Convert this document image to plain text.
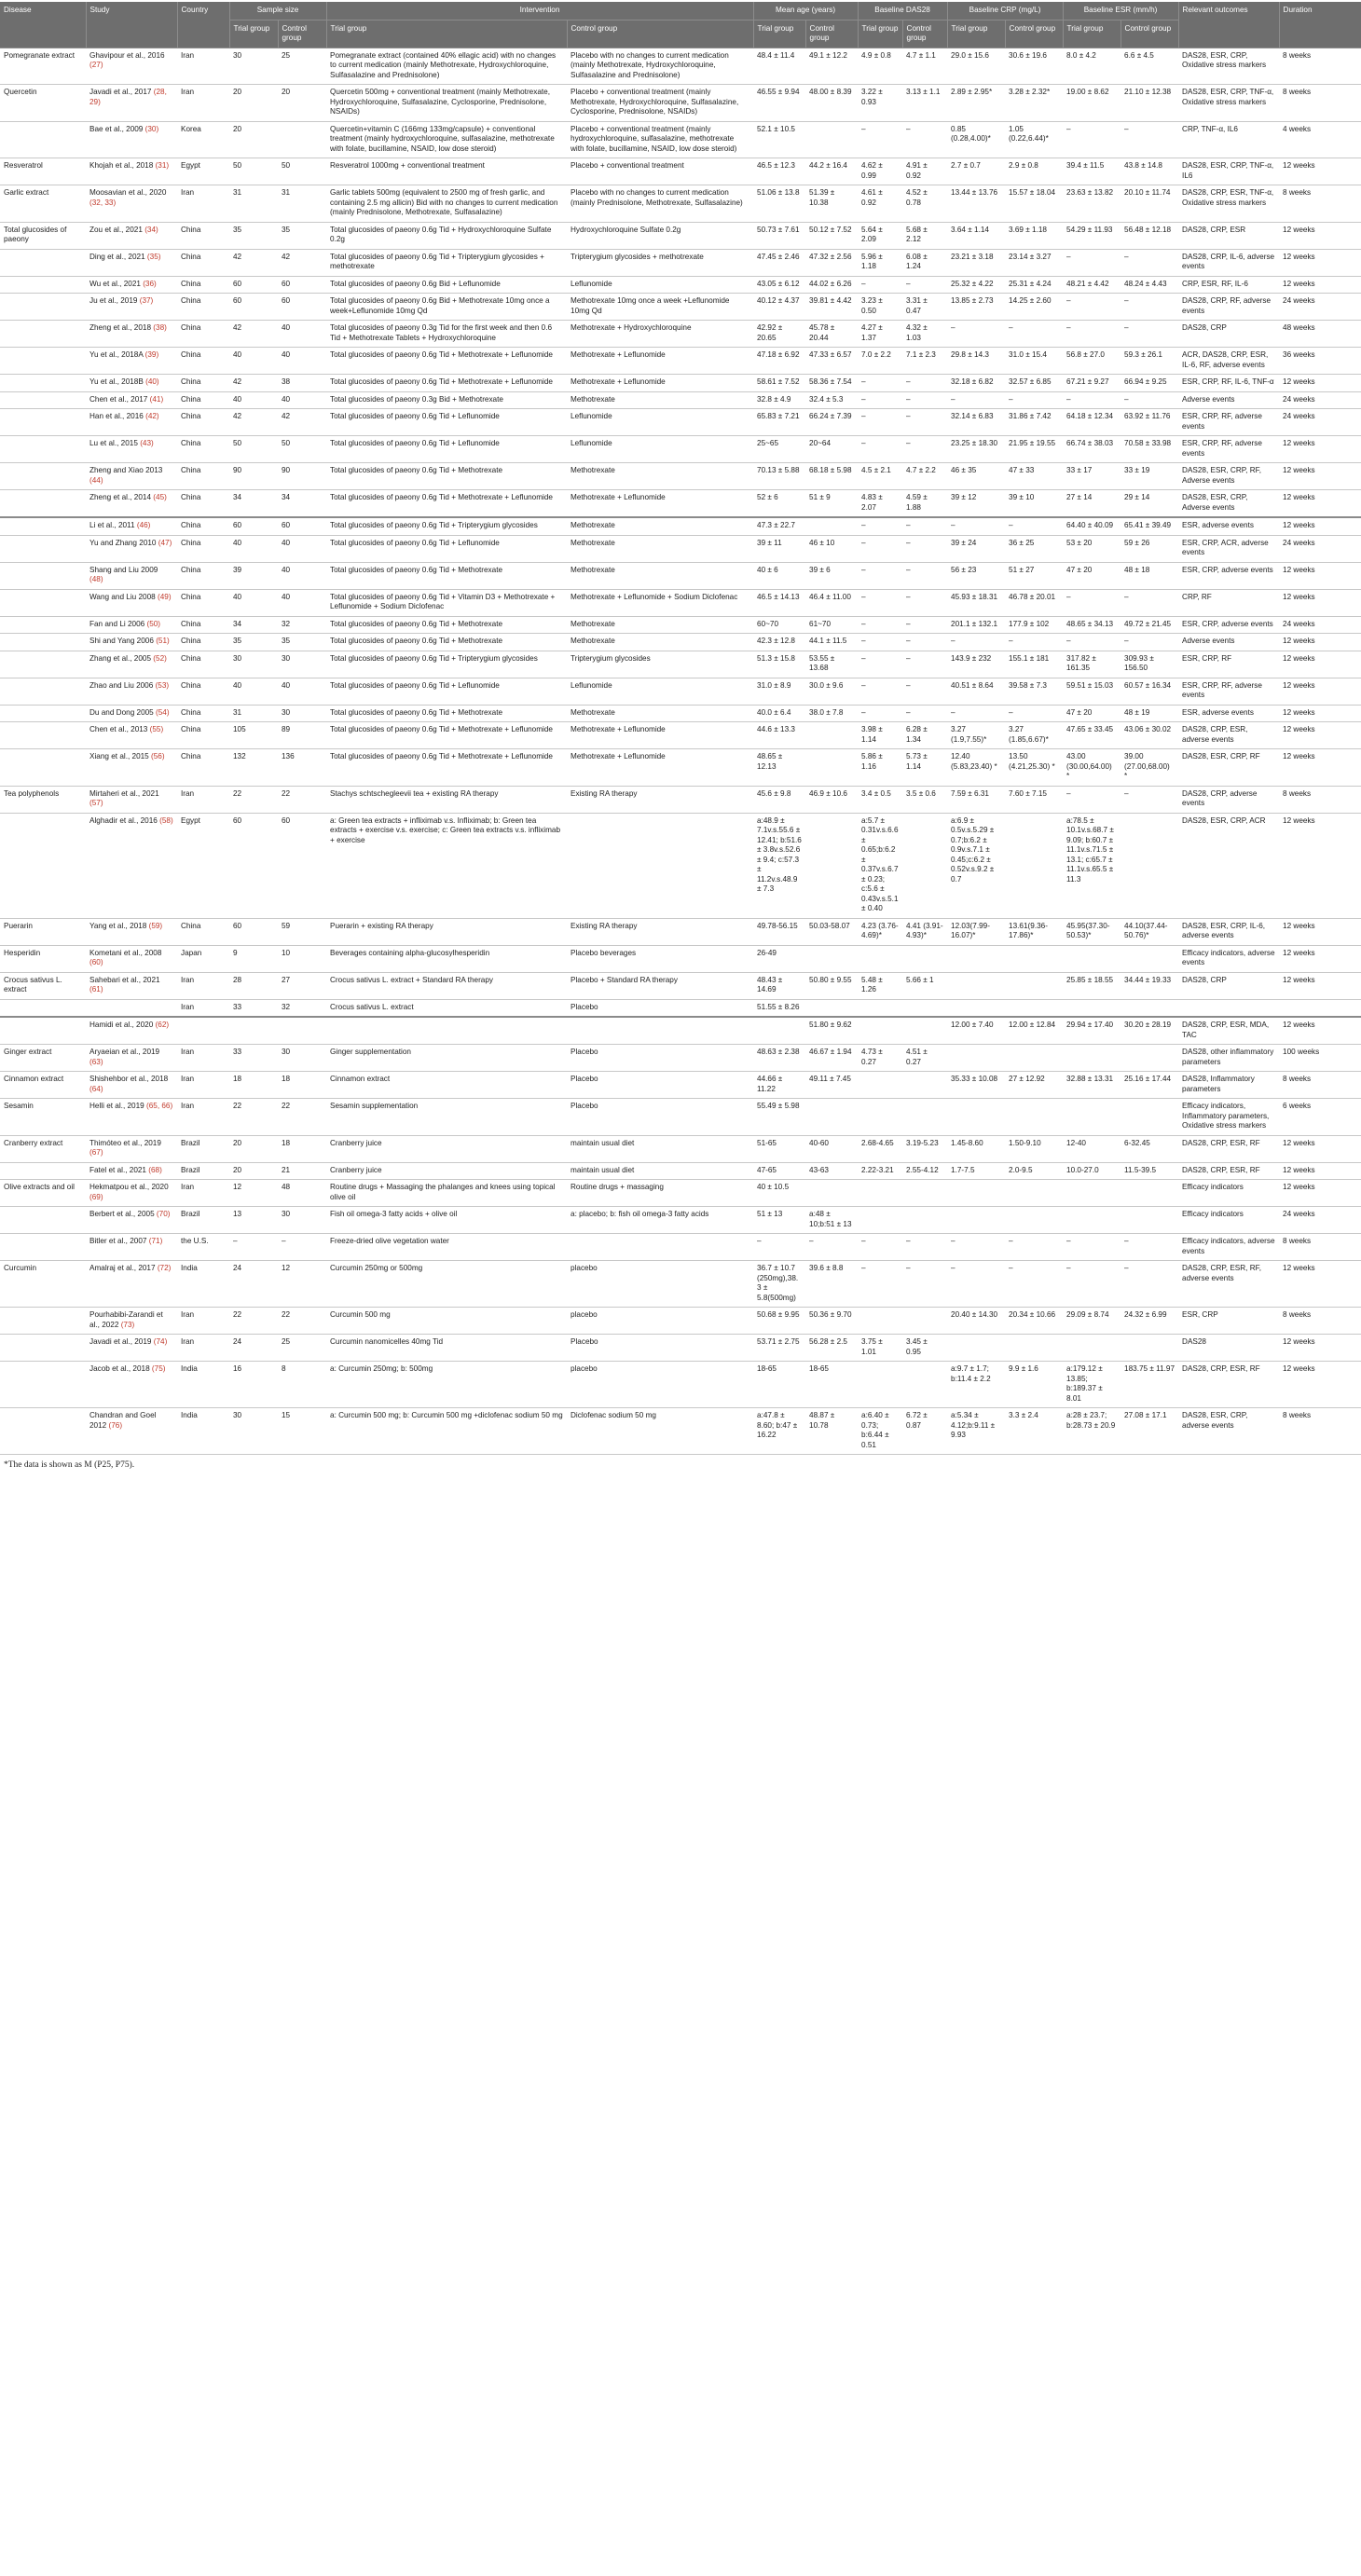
Disease	Study	Country	Sample size		Intervention		Mean age (years)		Baseline DAS28		Baseline CRP (mg/L)		Baseline ESR (mm/h)		Relevant outcomes	Duration
			Trial group	Control group	Trial group	Control group	Trial group	Control group	Trial group	Control group	Trial group	Control group	Trial group	Control group		
Pomegranate extract	Ghavipour et al., 2016 (27)	Iran	30	25	Pomegranate extract (contained 40% ellagic acid) with no changes to current medication (mainly Methotrexate, Hydroxychloroquine, Sulfasalazine and Prednisolone)	Placebo with no changes to current medication (mainly Methotrexate, Hydroxychloroquine, Sulfasalazine and Prednisolone)	48.4 ± 11.4	49.1 ± 12.2	4.9 ± 0.8	4.7 ± 1.1	29.0 ± 15.6	30.6 ± 19.6	8.0 ± 4.2	6.6 ± 4.5	DAS28, ESR, CRP, Oxidative stress markers	8 weeks
Quercetin	Javadi et al., 2017 (28, 29)	Iran	20	20	Quercetin 500mg + conventional treatment (mainly Methotrexate, Hydroxychloroquine, Sulfasalazine, Cyclosporine, Prednisolone, NSAIDs)	Placebo + conventional treatment (mainly Methotrexate, Hydroxychloroquine, Sulfasalazine, Cyclosporine, Prednisolone, NSAIDs)	46.55 ± 9.94	48.00 ± 8.39	3.22 ± 0.93	3.13 ± 1.1	2.89 ± 2.95*	3.28 ± 2.32*	19.00 ± 8.62	21.10 ± 12.38	DAS28, ESR, CRP, TNF-α, Oxidative stress markers	8 weeks
	Bae et al., 2009 (30)	Korea	20		Quercetin+vitamin C (166mg 133mg/capsule) + conventional treatment (mainly hydroxychloroquine, sulfasalazine, methotrexate with folate, bucillamine, NSAID, low dose steroid)	Placebo + conventional treatment (mainly hydroxychloroquine, sulfasalazine, methotrexate with folate, bucillamine, NSAID, low dose steroid)	52.1 ± 10.5		–	–	0.85 (0.28,4.00)*	1.05 (0.22,6.44)*	–	–	CRP, TNF-α, IL6	4 weeks
Resveratrol	Khojah et al., 2018 (31)	Egypt	50	50	Resveratrol 1000mg + conventional treatment	Placebo + conventional treatment	46.5 ± 12.3	44.2 ± 16.4	4.62 ± 0.99	4.91 ± 0.92	2.7 ± 0.7	2.9 ± 0.8	39.4 ± 11.5	43.8 ± 14.8	DAS28, ESR, CRP, TNF-α, IL6	12 weeks
Garlic extract	Moosavian et al., 2020 (32, 33)	Iran	31	31	Garlic tablets 500mg (equivalent to 2500 mg of fresh garlic, and containing 2.5 mg allicin) Bid with no changes to current medication (mainly Prednisolone, Methotrexate, Sulfasalazine)	Placebo with no changes to current medication (mainly Prednisolone, Methotrexate, Sulfasalazine)	51.06 ± 13.8	51.39 ± 10.38	4.61 ± 0.92	4.52 ± 0.78	13.44 ± 13.76	15.57 ± 18.04	23.63 ± 13.82	20.10 ± 11.74	DAS28, CRP, ESR, TNF-α, Oxidative stress markers	8 weeks
Total glucosides of paeony	Zou et al., 2021 (34)	China	35	35	Total glucosides of paeony 0.6g Tid + Hydroxychloroquine Sulfate 0.2g	Hydroxychloroquine Sulfate 0.2g	50.73 ± 7.61	50.12 ± 7.52	5.64 ± 2.09	5.68 ± 2.12	3.64 ± 1.14	3.69 ± 1.18	54.29 ± 11.93	56.48 ± 12.18	DAS28, CRP, ESR	12 weeks
	Ding et al., 2021 (35)	China	42	42	Total glucosides of paeony 0.6g Tid + Tripterygium glycosides + methotrexate	Tripterygium glycosides + methotrexate	47.45 ± 2.46	47.32 ± 2.56	5.96 ± 1.18	6.08 ± 1.24	23.21 ± 3.18	23.14 ± 3.27	–	–	DAS28, CRP, IL-6, adverse events	12 weeks
	Wu et al., 2021 (36)	China	60	60	Total glucosides of paeony 0.6g Bid + Leflunomide	Leflunomide	43.05 ± 6.12	44.02 ± 6.26	–	–	25.32 ± 4.22	25.31 ± 4.24	48.21 ± 4.42	48.24 ± 4.43	CRP, ESR, RF, IL-6	12 weeks
	Ju et al., 2019 (37)	China	60	60	Total glucosides of paeony 0.6g Bid + Methotrexate 10mg once a week+Leflunomide 10mg Qd	Methotrexate 10mg once a week +Leflunomide 10mg Qd	40.12 ± 4.37	39.81 ± 4.42	3.23 ± 0.50	3.31 ± 0.47	13.85 ± 2.73	14.25 ± 2.60	–	–	DAS28, CRP, RF, adverse events	24 weeks
	Zheng et al., 2018 (38)	China	42	40	Total glucosides of paeony 0.3g Tid for the first week and then 0.6 Tid + Methotrexate Tablets + Hydroxychloroquine	Methotrexate + Hydroxychloroquine	42.92 ± 20.65	45.78 ± 20.44	4.27 ± 1.37	4.32 ± 1.03	–	–	–	–	DAS28, CRP	48 weeks
	Yu et al., 2018A (39)	China	40	40	Total glucosides of paeony 0.6g Tid + Methotrexate + Leflunomide	Methotrexate + Leflunomide	47.18 ± 6.92	47.33 ± 6.57	7.0 ± 2.2	7.1 ± 2.3	29.8 ± 14.3	31.0 ± 15.4	56.8 ± 27.0	59.3 ± 26.1	ACR, DAS28, CRP, ESR, IL-6, RF, adverse events	36 weeks
	Yu et al., 2018B (40)	China	42	38	Total glucosides of paeony 0.6g Tid + Methotrexate + Leflunomide	Methotrexate + Leflunomide	58.61 ± 7.52	58.36 ± 7.54	–	–	32.18 ± 6.82	32.57 ± 6.85	67.21 ± 9.27	66.94 ± 9.25	ESR, CRP, RF, IL-6, TNF-α	12 weeks
	Chen et al., 2017 (41)	China	40	40	Total glucosides of paeony 0.3g Bid + Methotrexate	Methotrexate	32.8 ± 4.9	32.4 ± 5.3	–	–	–	–	–	–	Adverse events	24 weeks
	Han et al., 2016 (42)	China	42	42	Total glucosides of paeony 0.6g Tid + Leflunomide	Leflunomide	65.83 ± 7.21	66.24 ± 7.39	–	–	32.14 ± 6.83	31.86 ± 7.42	64.18 ± 12.34	63.92 ± 11.76	ESR, CRP, RF, adverse events	24 weeks
	Lu et al., 2015 (43)	China	50	50	Total glucosides of paeony 0.6g Tid + Leflunomide	Leflunomide	25~65	20~64	–	–	23.25 ± 18.30	21.95 ± 19.55	66.74 ± 38.03	70.58 ± 33.98	ESR, CRP, RF, adverse events	12 weeks
	Zheng and Xiao 2013 (44)	China	90	90	Total glucosides of paeony 0.6g Tid + Methotrexate	Methotrexate	70.13 ± 5.88	68.18 ± 5.98	4.5 ± 2.1	4.7 ± 2.2	46 ± 35	47 ± 33	33 ± 17	33 ± 19	DAS28, ESR, CRP, RF, Adverse events	12 weeks
	Zheng et al., 2014 (45)	China	34	34	Total glucosides of paeony 0.6g Tid + Methotrexate + Leflunomide	Methotrexate + Leflunomide	52 ± 6	51 ± 9	4.83 ± 2.07	4.59 ± 1.88	39 ± 12	39 ± 10	27 ± 14	29 ± 14	DAS28, ESR, CRP, Adverse events	12 weeks
	Li et al., 2011 (46)	China	60	60	Total glucosides of paeony 0.6g Tid + Tripterygium glycosides	Methotrexate	47.3 ± 22.7		–	–	–	–	64.40 ± 40.09	65.41 ± 39.49	ESR, adverse events	12 weeks
	Yu and Zhang 2010 (47)	China	40	40	Total glucosides of paeony 0.6g Tid + Leflunomide	Methotrexate	39 ± 11	46 ± 10	–	–	39 ± 24	36 ± 25	53 ± 20	59 ± 26	ESR, CRP, ACR, adverse events	24 weeks
	Shang and Liu 2009 (48)	China	39	40	Total glucosides of paeony 0.6g Tid + Methotrexate	Methotrexate	40 ± 6	39 ± 6	–	–	56 ± 23	51 ± 27	47 ± 20	48 ± 18	ESR, CRP, adverse events	12 weeks
	Wang and Liu 2008 (49)	China	40	40	Total glucosides of paeony 0.6g Tid + Vitamin D3 + Methotrexate + Leflunomide + Sodium Diclofenac	Methotrexate + Leflunomide + Sodium Diclofenac	46.5 ± 14.13	46.4 ± 11.00	–	–	45.93 ± 18.31	46.78 ± 20.01	–	–	CRP, RF	12 weeks
	Fan and Li 2006 (50)	China	34	32	Total glucosides of paeony 0.6g Tid + Methotrexate	Methotrexate	60~70	61~70	–	–	201.1 ± 132.1	177.9 ± 102	48.65 ± 34.13	49.72 ± 21.45	ESR, CRP, adverse events	24 weeks
	Shi and Yang 2006 (51)	China	35	35	Total glucosides of paeony 0.6g Tid + Methotrexate	Methotrexate	42.3 ± 12.8	44.1 ± 11.5	–	–	–	–	–	–	Adverse events	12 weeks
	Zhang et al., 2005 (52)	China	30	30	Total glucosides of paeony 0.6g Tid + Tripterygium glycosides	Tripterygium glycosides	51.3 ± 15.8	53.55 ± 13.68	–	–	143.9 ± 232	155.1 ± 181	317.82 ± 161.35	309.93 ± 156.50	ESR, CRP, RF	12 weeks
	Zhao and Liu 2006 (53)	China	40	40	Total glucosides of paeony 0.6g Tid + Leflunomide	Leflunomide	31.0 ± 8.9	30.0 ± 9.6	–	–	40.51 ± 8.64	39.58 ± 7.3	59.51 ± 15.03	60.57 ± 16.34	ESR, CRP, RF, adverse events	12 weeks
	Du and Dong 2005 (54)	China	31	30	Total glucosides of paeony 0.6g Tid + Methotrexate	Methotrexate	40.0 ± 6.4	38.0 ± 7.8	–	–	–	–	47 ± 20	48 ± 19	ESR, adverse events	12 weeks
	Chen et al., 2013 (55)	China	105	89	Total glucosides of paeony 0.6g Tid + Methotrexate + Leflunomide	Methotrexate + Leflunomide	44.6 ± 13.3		3.98 ± 1.14	6.28 ± 1.34	3.27 (1.9,7.55)*	3.27 (1.85,6.67)*	47.65 ± 33.45	43.06 ± 30.02	DAS28, CRP, ESR, adverse events	12 weeks
	Xiang et al., 2015 (56)	China	132	136	Total glucosides of paeony 0.6g Tid + Methotrexate + Leflunomide	Methotrexate + Leflunomide	48.65 ± 12.13		5.86 ± 1.16	5.73 ± 1.14	12.40 (5.83,23.40) *	13.50 (4.21,25.30) *	43.00 (30.00,64.00) *	39.00 (27.00,68.00) *	DAS28, ESR, CRP, RF	12 weeks
Tea polyphenols	Mirtaheri et al., 2021 (57)	Iran	22	22	Stachys schtschegleevii tea + existing RA therapy	Existing RA therapy	45.6 ± 9.8	46.9 ± 10.6	3.4 ± 0.5	3.5 ± 0.6	7.59 ± 6.31	7.60 ± 7.15	–	–	DAS28, CRP, adverse events	8 weeks
	Alghadir et al., 2016 (58)	Egypt	60	60	a: Green tea extracts + infliximab v.s. Infliximab; b: Green tea extracts + exercise v.s. exercise; c: Green tea extracts v.s. infliximab + exercise		a:48.9 ± 7.1v.s.55.6 ± 12.41; b:51.6 ± 3.8v.s.52.6 ± 9.4; c:57.3 ± 11.2v.s.48.9 ± 7.3		a:5.7 ± 0.31v.s.6.6 ± 0.65;b:6.2 ± 0.37v.s.6.7 ± 0.23; c:5.6 ± 0.43v.s.5.1 ± 0.40		a:6.9 ± 0.5v.s.5.29 ± 0.7;b:6.2 ± 0.9v.s.7.1 ± 0.45;c:6.2 ± 0.52v.s.9.2 ± 0.7		a:78.5 ± 10.1v.s.68.7 ± 9.09; b:60.7 ± 11.1v.s.71.5 ± 13.1; c:65.7 ± 11.1v.s.65.5 ± 11.3		DAS28, ESR, CRP, ACR	12 weeks
Puerarin	Yang et al., 2018 (59)	China	60	59	Puerarin + existing RA therapy	Existing RA therapy	49.78-56.15	50.03-58.07	4.23 (3.76-4.69)*	4.41 (3.91-4.93)*	12.03(7.99-16.07)*	13.61(9.36-17.86)*	45.95(37.30-50.53)*	44.10(37.44-50.76)*	DAS28, ESR, CRP, IL-6, adverse events	12 weeks
Hesperidin	Kometani et al., 2008 (60)	Japan	9	10	Beverages containing alpha-glucosylhesperidin	Placebo beverages	26-49								Efficacy indicators, adverse events	12 weeks
Crocus sativus L. extract	Sahebari et al., 2021 (61)	Iran	28	27	Crocus sativus L. extract + Standard RA therapy	Placebo + Standard RA therapy	48.43 ± 14.69	50.80 ± 9.55	5.48 ± 1.26	5.66 ± 1			25.85 ± 18.55	34.44 ± 19.33	DAS28, CRP	12 weeks
		Iran	33	32	Crocus sativus L. extract	Placebo	51.55 ± 8.26									
	Hamidi et al., 2020 (62)							51.80 ± 9.62			12.00 ± 7.40	12.00 ± 12.84	29.94 ± 17.40	30.20 ± 28.19	DAS28, CRP, ESR, MDA, TAC	12 weeks
Ginger extract	Aryaeian et al., 2019 (63)	Iran	33	30	Ginger supplementation	Placebo	48.63 ± 2.38	46.67 ± 1.94	4.73 ± 0.27	4.51 ± 0.27					DAS28, other inflammatory parameters	100 weeks
Cinnamon extract	Shishehbor et al., 2018 (64)	Iran	18	18	Cinnamon extract	Placebo	44.66 ± 11.22	49.11 ± 7.45			35.33 ± 10.08	27 ± 12.92	32.88 ± 13.31	25.16 ± 17.44	DAS28, Inflammatory parameters	8 weeks
Sesamin	Helli et al., 2019 (65, 66)	Iran	22	22	Sesamin supplementation	Placebo	55.49 ± 5.98								Efficacy indicators, Inflammatory parameters, Oxidative stress markers	6 weeks
Cranberry extract	Thimóteo et al., 2019 (67)	Brazil	20	18	Cranberry juice	maintain usual diet	51-65	40-60	2.68-4.65	3.19-5.23	1.45-8.60	1.50-9.10	12-40	6-32.45	DAS28, CRP, ESR, RF	12 weeks
	Fatel et al., 2021 (68)	Brazil	20	21	Cranberry juice	maintain usual diet	47-65	43-63	2.22-3.21	2.55-4.12	1.7-7.5	2.0-9.5	10.0-27.0	11.5-39.5	DAS28, CRP, ESR, RF	12 weeks
Olive extracts and oil	Hekmatpou et al., 2020 (69)	Iran	12	48	Routine drugs + Massaging the phalanges and knees using topical olive oil	Routine drugs + massaging	40 ± 10.5								Efficacy indicators	12 weeks
	Berbert et al., 2005 (70)	Brazil	13	30	Fish oil omega-3 fatty acids + olive oil	a: placebo; b: fish oil omega-3 fatty acids	51 ± 13	a:48 ± 10;b:51 ± 13							Efficacy indicators	24 weeks
	Bitler et al., 2007 (71)	the U.S.	–	–	Freeze-dried olive vegetation water		–	–	–	–	–	–	–	–	Efficacy indicators, adverse events	8 weeks
Curcumin	Amalraj et al., 2017 (72)	India	24	12	Curcumin 250mg or 500mg	placebo	36.7 ± 10.7 (250mg),38.3 ± 5.8(500mg)	39.6 ± 8.8	–	–	–	–	–	–	DAS28, CRP, ESR, RF, adverse events	12 weeks
	Pourhabibi-Zarandi et al., 2022 (73)	Iran	22	22	Curcumin 500 mg	placebo	50.68 ± 9.95	50.36 ± 9.70			20.40 ± 14.30	20.34 ± 10.66	29.09 ± 8.74	24.32 ± 6.99	ESR, CRP	8 weeks
	Javadi et al., 2019 (74)	Iran	24	25	Curcumin nanomicelles 40mg Tid	Placebo	53.71 ± 2.75	56.28 ± 2.5	3.75 ± 1.01	3.45 ± 0.95					DAS28	12 weeks
	Jacob et al., 2018 (75)	India	16	8	a: Curcumin 250mg; b: 500mg	placebo	18-65	18-65			a:9.7 ± 1.7; b:11.4 ± 2.2	9.9 ± 1.6	a:179.12 ± 13.85; b:189.37 ± 8.01	183.75 ± 11.97	DAS28, CRP, ESR, RF	12 weeks
	Chandran and Goel 2012 (76)	India	30	15	a: Curcumin 500 mg; b: Curcumin 500 mg +diclofenac sodium 50 mg	Diclofenac sodium 50 mg	a:47.8 ± 8.60; b:47 ± 16.22	48.87 ± 10.78	a:6.40 ± 0.73; b:6.44 ± 0.51	6.72 ± 0.87	a:5.34 ± 4.12;b:9.11 ± 9.93	3.3 ± 2.4	a:28 ± 23.7; b:28.73 ± 20.9	27.08 ± 17.1	DAS28, ESR, CRP, adverse events	8 weeks
*The data is shown as M (P25, P75).
